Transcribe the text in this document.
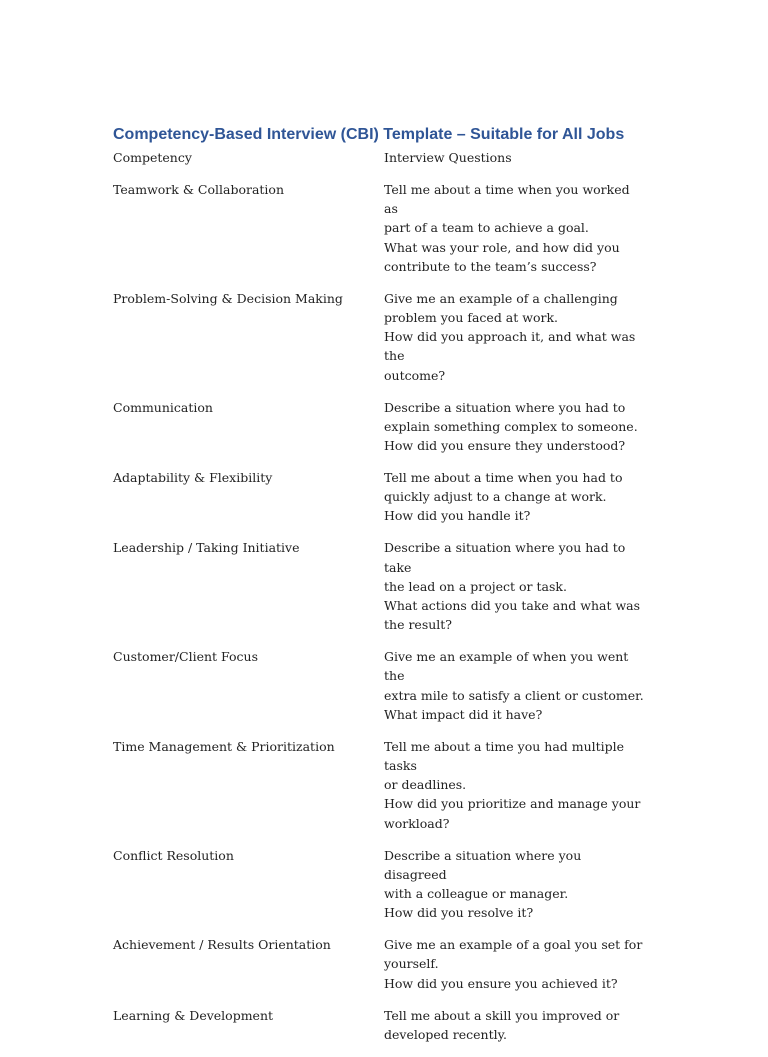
Competency-Based Interview (CBI) Template – Suitable for All Jobs
Competency	Interview Questions
Teamwork & Collaboration	Tell me about a time when you worked as
part of a team to achieve a goal.
What was your role, and how did you
contribute to the team’s success?
Problem-Solving & Decision Making	Give me an example of a challenging
problem you faced at work.
How did you approach it, and what was the
outcome?
Communication	Describe a situation where you had to
explain something complex to someone.
How did you ensure they understood?
Adaptability & Flexibility	Tell me about a time when you had to
quickly adjust to a change at work.
How did you handle it?
Leadership / Taking Initiative	Describe a situation where you had to take
the lead on a project or task.
What actions did you take and what was
the result?
Customer/Client Focus	Give me an example of when you went the
extra mile to satisfy a client or customer.
What impact did it have?
Time Management & Prioritization	Tell me about a time you had multiple tasks
or deadlines.
How did you prioritize and manage your
workload?
Conflict Resolution	Describe a situation where you disagreed
with a colleague or manager.
How did you resolve it?
Achievement / Results Orientation	Give me an example of a goal you set for
yourself.
How did you ensure you achieved it?
Learning & Development	Tell me about a skill you improved or
developed recently.
